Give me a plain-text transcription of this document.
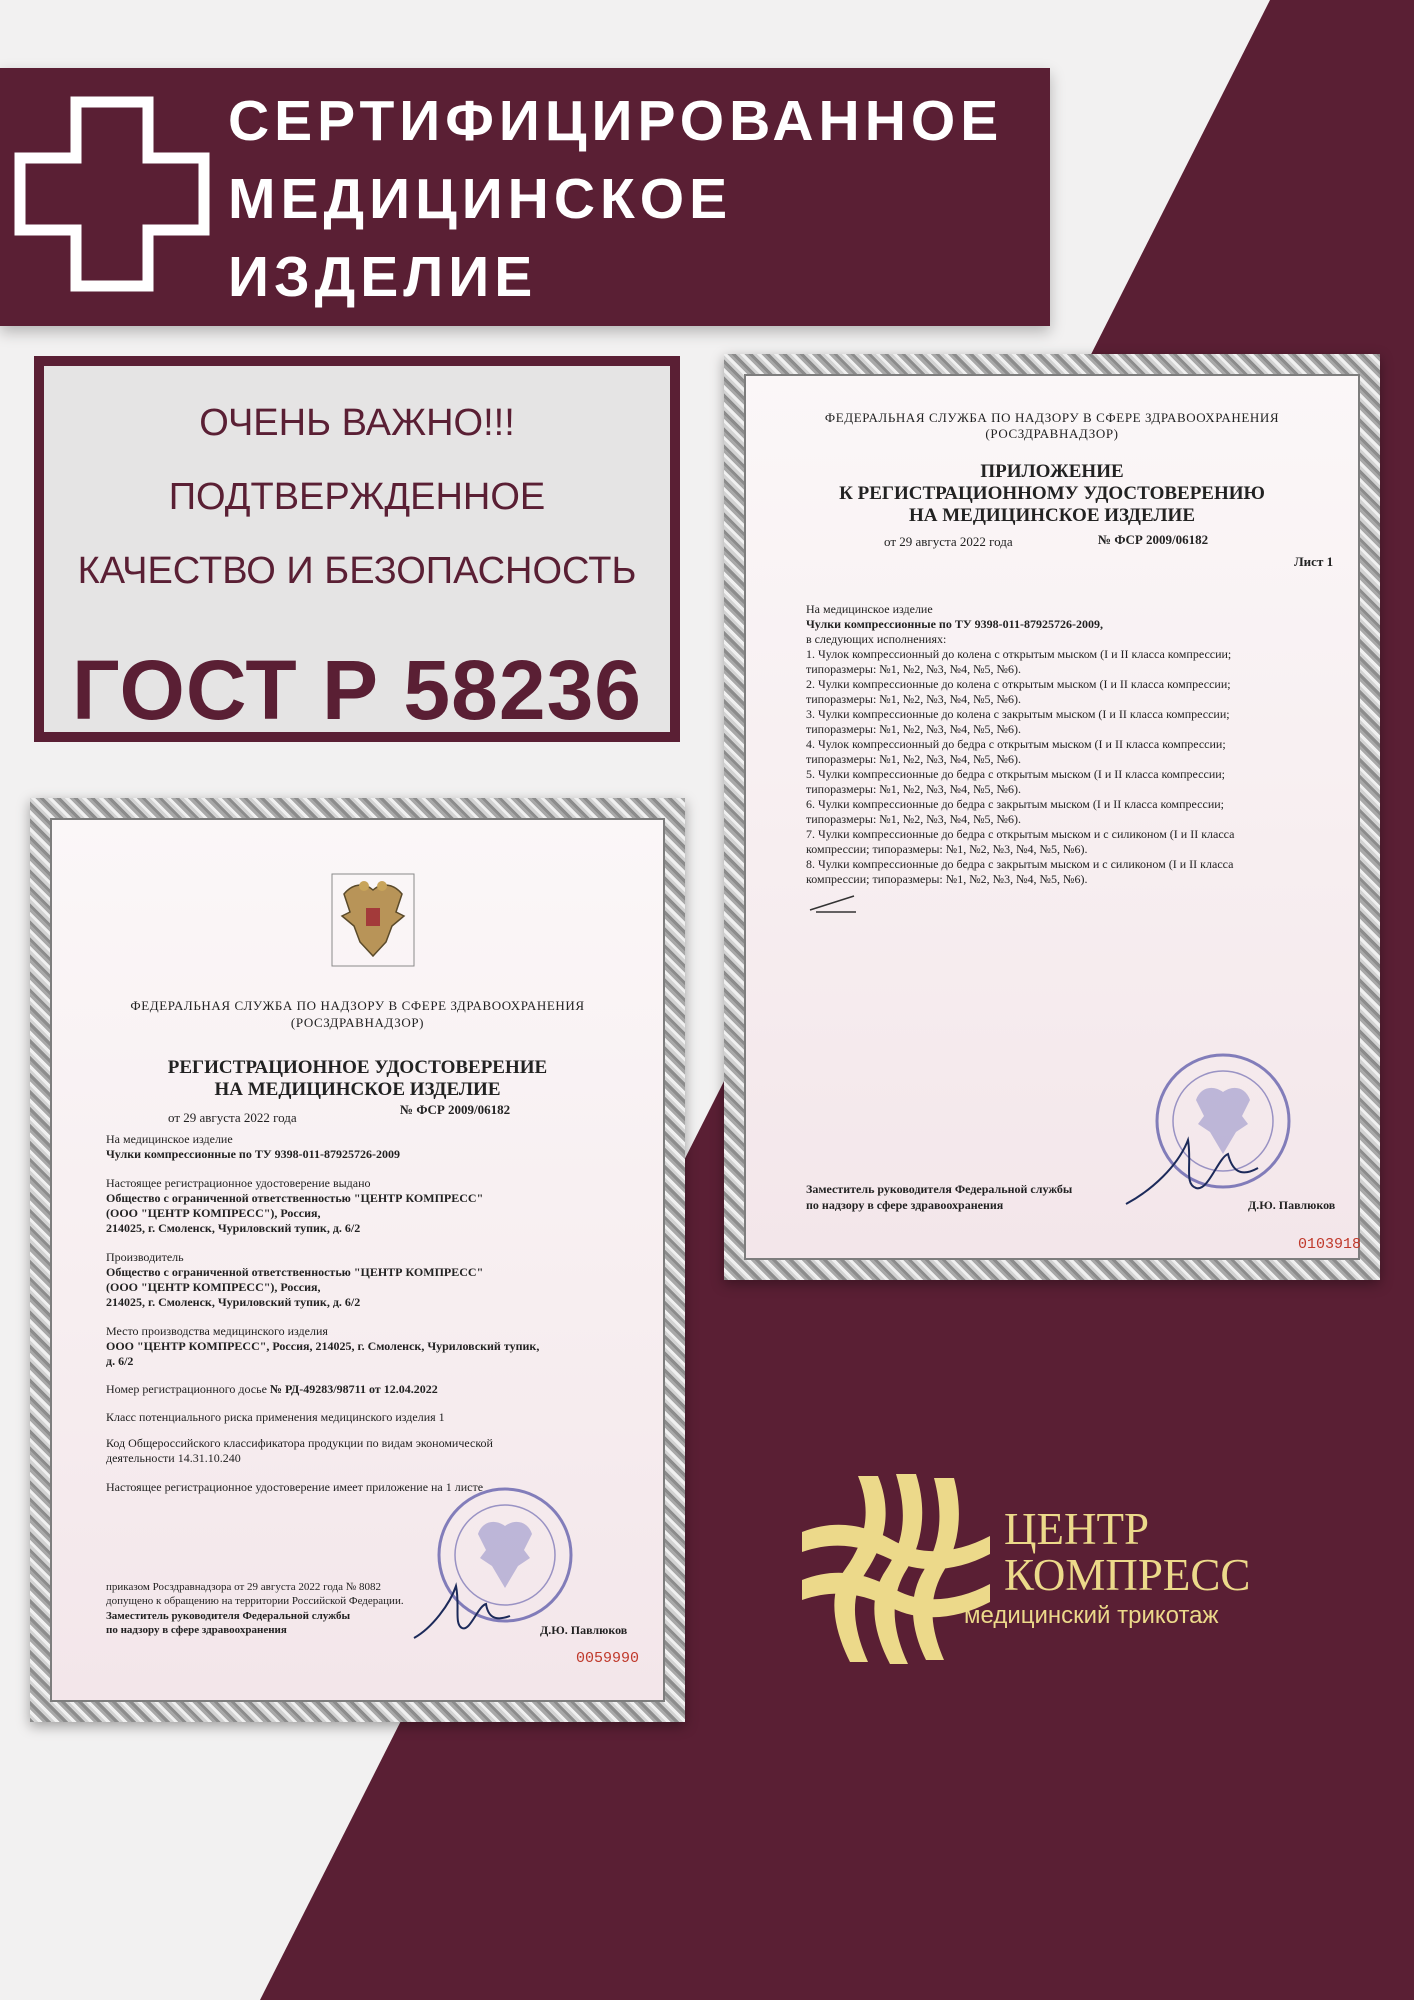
СЕРТИФИЦИРОВАННОЕ
МЕДИЦИНСКОЕ
ИЗДЕЛИЕ
ОЧЕНЬ ВАЖНО!!!
ПОДТВЕРЖДЕННОЕ
КАЧЕСТВО И БЕЗОПАСНОСТЬ
ГОСТ Р 58236
ФЕДЕРАЛЬНАЯ СЛУЖБА ПО НАДЗОРУ В СФЕРЕ ЗДРАВООХРАНЕНИЯ
(РОСЗДРАВНАДЗОР)
РЕГИСТРАЦИОННОЕ УДОСТОВЕРЕНИЕ
НА МЕДИЦИНСКОЕ ИЗДЕЛИЕ
от 29 августа 2022 года
№ ФСР 2009/06182
На медицинское изделие
Чулки компрессионные по ТУ 9398-011-87925726-2009
Настоящее регистрационное удостоверение выдано
Общество с ограниченной ответственностью "ЦЕНТР КОМПРЕСС"
(ООО "ЦЕНТР КОМПРЕСС"), Россия,
214025, г. Смоленск, Чуриловский тупик, д. 6/2
Производитель
Общество с ограниченной ответственностью "ЦЕНТР КОМПРЕСС"
(ООО "ЦЕНТР КОМПРЕСС"), Россия,
214025, г. Смоленск, Чуриловский тупик, д. 6/2
Место производства медицинского изделия
ООО "ЦЕНТР КОМПРЕСС", Россия, 214025, г. Смоленск, Чуриловский тупик,
д. 6/2
Номер регистрационного досье № РД-49283/98711 от 12.04.2022
Класс потенциального риска применения медицинского изделия 1
Код Общероссийского классификатора продукции по видам экономической
деятельности 14.31.10.240
Настоящее регистрационное удостоверение имеет приложение на 1 листе
приказом Росздравнадзора от 29 августа 2022 года № 8082
допущено к обращению на территории Российской Федерации.
Заместитель руководителя Федеральной службы
по надзору в сфере здравоохранения	Д.Ю. Павлюков
0059990
ФЕДЕРАЛЬНАЯ СЛУЖБА ПО НАДЗОРУ В СФЕРЕ ЗДРАВООХРАНЕНИЯ
(РОСЗДРАВНАДЗОР)
ПРИЛОЖЕНИЕ
К РЕГИСТРАЦИОННОМУ УДОСТОВЕРЕНИЮ
НА МЕДИЦИНСКОЕ ИЗДЕЛИЕ
от 29 августа 2022 года	№ ФСР 2009/06182
Лист 1
На медицинское изделие
Чулки компрессионные по ТУ 9398-011-87925726-2009,
в следующих исполнениях:
1. Чулок компрессионный до колена с открытым мыском (I и II класса компрессии;
типоразмеры: №1, №2, №3, №4, №5, №6).
2. Чулки компрессионные до колена с открытым мыском (I и II класса компрессии;
типоразмеры: №1, №2, №3, №4, №5, №6).
3. Чулки компрессионные до колена с закрытым мыском (I и II класса компрессии;
типоразмеры: №1, №2, №3, №4, №5, №6).
4. Чулок компрессионный до бедра с открытым мыском (I и II класса компрессии;
типоразмеры: №1, №2, №3, №4, №5, №6).
5. Чулки компрессионные до бедра с открытым мыском (I и II класса компрессии;
типоразмеры: №1, №2, №3, №4, №5, №6).
6. Чулки компрессионные до бедра с закрытым мыском (I и II класса компрессии;
типоразмеры: №1, №2, №3, №4, №5, №6).
7. Чулки компрессионные до бедра с открытым мыском и с силиконом (I и II класса
компрессии; типоразмеры: №1, №2, №3, №4, №5, №6).
8. Чулки компрессионные до бедра с закрытым мыском и с силиконом (I и II класса
компрессии; типоразмеры: №1, №2, №3, №4, №5, №6).
Заместитель руководителя Федеральной службы
по надзору в сфере здравоохранения	Д.Ю. Павлюков
0103918
ЦЕНТР
КОМПРЕСС
медицинский трикотаж
